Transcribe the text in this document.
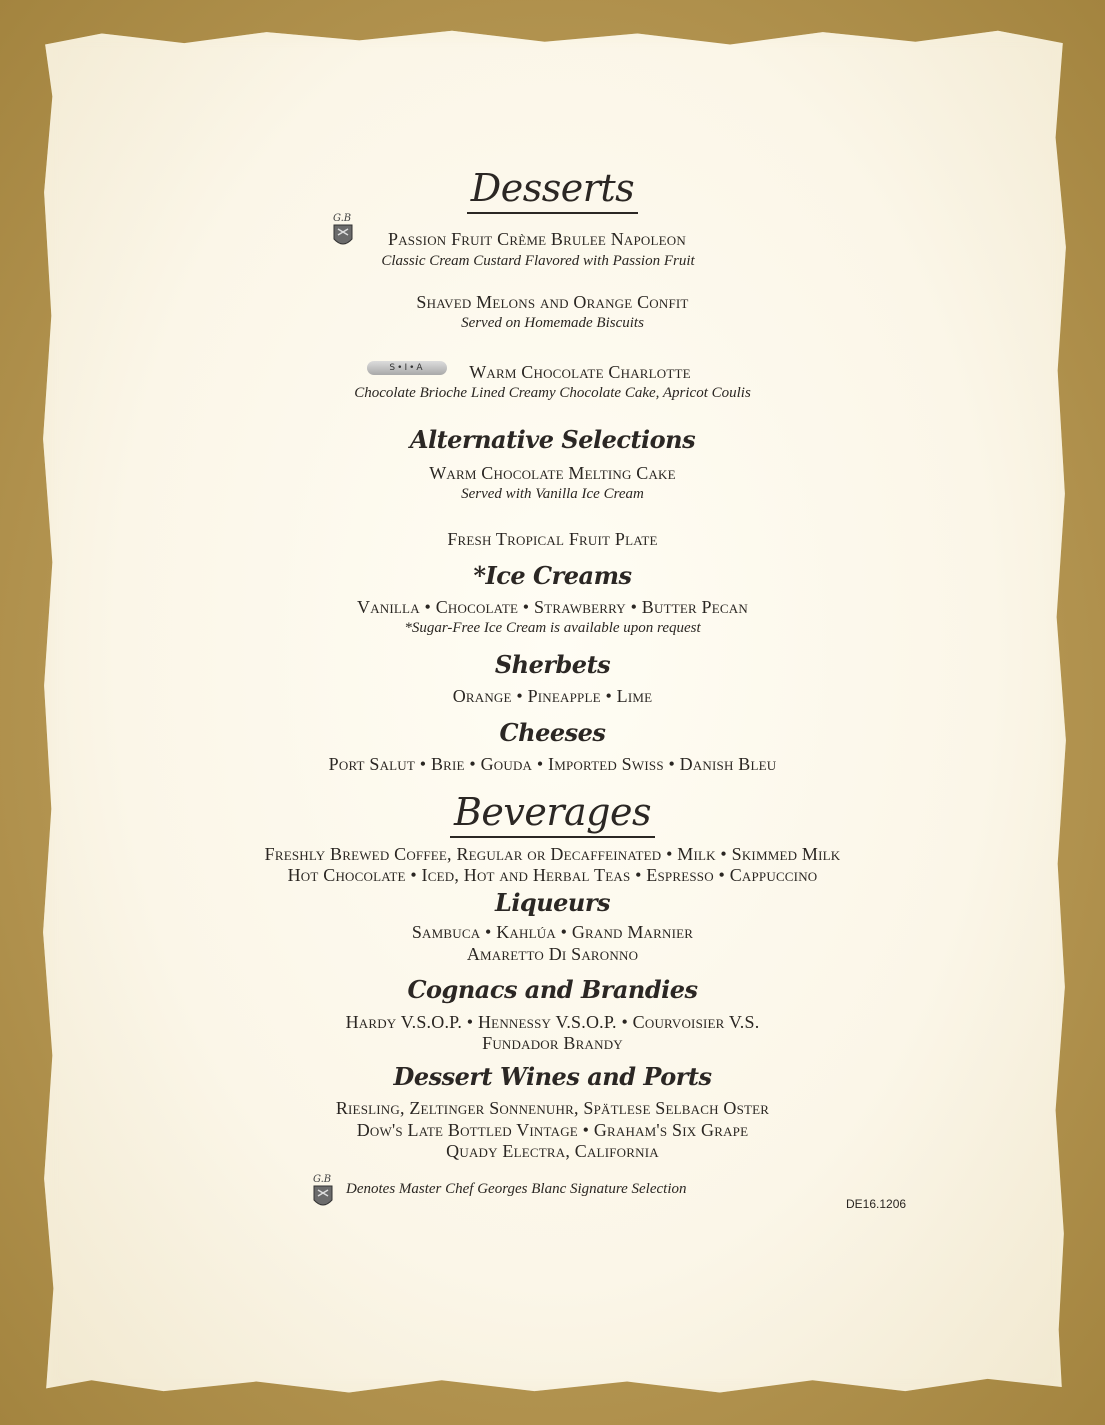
Desserts
G.B
Passion Fruit Crème Brulee Napoleon
Classic Cream Custard Flavored with Passion Fruit
Shaved Melons and Orange Confit
Served on Homemade Biscuits
S•I•A	Warm Chocolate Charlotte
Chocolate Brioche Lined Creamy Chocolate Cake, Apricot Coulis
Alternative Selections
Warm Chocolate Melting Cake
Served with Vanilla Ice Cream
Fresh Tropical Fruit Plate
*Ice Creams
Vanilla • Chocolate • Strawberry • Butter Pecan
*Sugar-Free Ice Cream is available upon request
Sherbets
Orange • Pineapple • Lime
Cheeses
Port Salut • Brie • Gouda • Imported Swiss • Danish Bleu
Beverages
Freshly Brewed Coffee, Regular or Decaffeinated • Milk • Skimmed Milk
Hot Chocolate • Iced, Hot and Herbal Teas • Espresso • Cappuccino
Liqueurs
Sambuca • Kahlúa • Grand Marnier
Amaretto Di Saronno
Cognacs and Brandies
Hardy V.S.O.P. • Hennessy V.S.O.P. • Courvoisier V.S.
Fundador Brandy
Dessert Wines and Ports
Riesling, Zeltinger Sonnenuhr, Spätlese Selbach Oster
Dow's Late Bottled Vintage • Graham's Six Grape
Quady Electra, California
G.B
Denotes Master Chef Georges Blanc Signature Selection
DE16.1206
